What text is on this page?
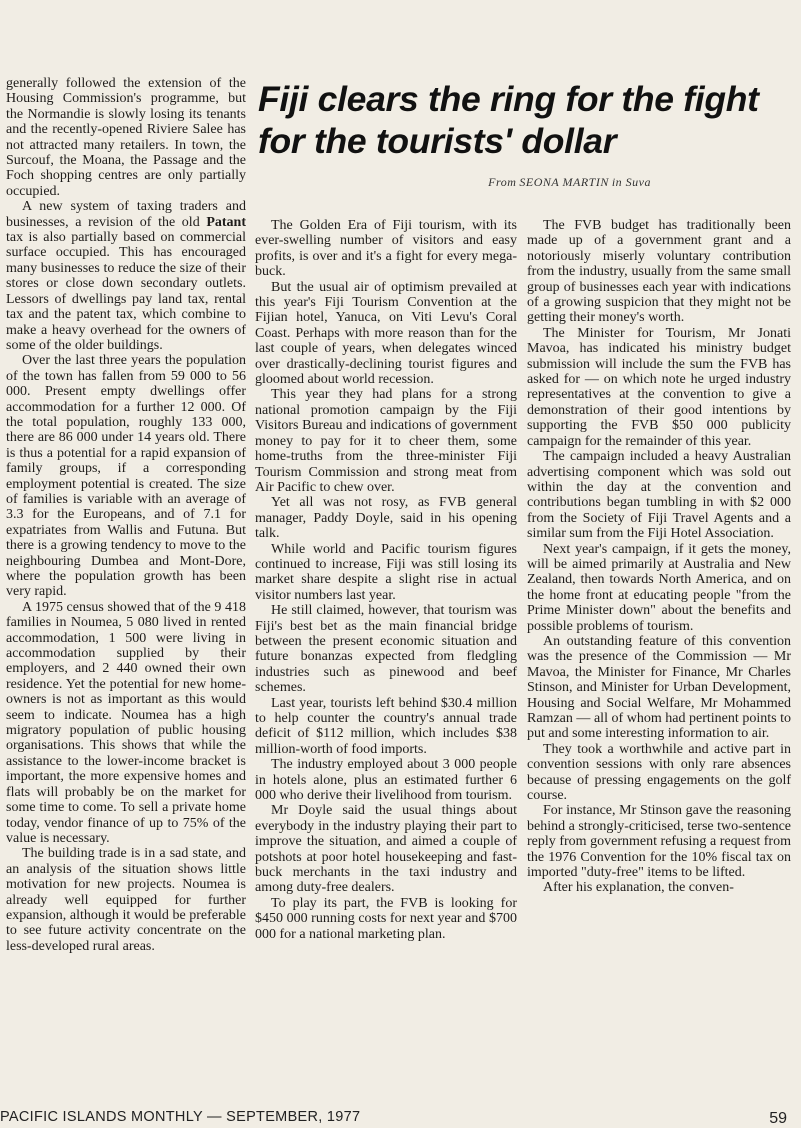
generally followed the extension of the Housing Commission's programme, but the Normandie is slowly losing its tenants and the recently-opened Riviere Salee has not attracted many retailers. In town, the Surcouf, the Moana, the Passage and the Foch shopping centres are only partially occupied.

A new system of taxing traders and businesses, a revision of the old Patant tax is also partially based on commercial surface occupied. This has encouraged many businesses to reduce the size of their stores or close down secondary outlets. Lessors of dwellings pay land tax, rental tax and the patent tax, which combine to make a heavy overhead for the owners of some of the older buildings.

Over the last three years the population of the town has fallen from 59 000 to 56 000. Present empty dwellings offer accommodation for a further 12 000. Of the total population, roughly 133 000, there are 86 000 under 14 years old. There is thus a potential for a rapid expansion of family groups, if a corresponding employment potential is created. The size of families is variable with an average of 3.3 for the Europeans, and of 7.1 for expatriates from Wallis and Futuna. But there is a growing tendency to move to the neighbouring Dumbea and Mont-Dore, where the population growth has been very rapid.

A 1975 census showed that of the 9 418 families in Noumea, 5 080 lived in rented accommodation, 1 500 were living in accommodation supplied by their employers, and 2 440 owned their own residence. Yet the potential for new home-owners is not as important as this would seem to indicate. Noumea has a high migratory population of public housing organisations. This shows that while the assistance to the lower-income bracket is important, the more expensive homes and flats will probably be on the market for some time to come. To sell a private home today, vendor finance of up to 75% of the value is necessary.

The building trade is in a sad state, and an analysis of the situation shows little motivation for new projects. Noumea is already well equipped for further expansion, although it would be preferable to see future activity concentrate on the less-developed rural areas.

Fiji clears the ring for the fight for the tourists' dollar
From SEONA MARTIN in Suva

The Golden Era of Fiji tourism, with its ever-swelling number of visitors and easy profits, is over and it's a fight for every mega-buck.

But the usual air of optimism prevailed at this year's Fiji Tourism Convention at the Fijian hotel, Yanuca, on Viti Levu's Coral Coast. Perhaps with more reason than for the last couple of years, when delegates winced over drastically-declining tourist figures and gloomed about world recession.

This year they had plans for a strong national promotion campaign by the Fiji Visitors Bureau and indications of government money to pay for it to cheer them, some home-truths from the three-minister Fiji Tourism Commission and strong meat from Air Pacific to chew over.

Yet all was not rosy, as FVB general manager, Paddy Doyle, said in his opening talk.

While world and Pacific tourism figures continued to increase, Fiji was still losing its market share despite a slight rise in actual visitor numbers last year.

He still claimed, however, that tourism was Fiji's best bet as the main financial bridge between the present economic situation and future bonanzas expected from fledgling industries such as pinewood and beef schemes.

Last year, tourists left behind $30.4 million to help counter the country's annual trade deficit of $112 million, which includes $38 million-worth of food imports.

The industry employed about 3 000 people in hotels alone, plus an estimated further 6 000 who derive their livelihood from tourism.

Mr Doyle said the usual things about everybody in the industry playing their part to improve the situation, and aimed a couple of potshots at poor hotel housekeeping and fast-buck merchants in the taxi industry and among duty-free dealers.

To play its part, the FVB is looking for $450 000 running costs for next year and $700 000 for a national marketing plan.

The FVB budget has traditionally been made up of a government grant and a notoriously miserly voluntary contribution from the industry, usually from the same small group of businesses each year with indications of a growing suspicion that they might not be getting their money's worth.

The Minister for Tourism, Mr Jonati Mavoa, has indicated his ministry budget submission will include the sum the FVB has asked for — on which note he urged industry representatives at the convention to give a demonstration of their good intentions by supporting the FVB $50 000 publicity campaign for the remainder of this year.

The campaign included a heavy Australian advertising component which was sold out within the day at the convention and contributions began tumbling in with $2 000 from the Society of Fiji Travel Agents and a similar sum from the Fiji Hotel Association.

Next year's campaign, if it gets the money, will be aimed primarily at Australia and New Zealand, then towards North America, and on the home front at educating people "from the Prime Minister down" about the benefits and possible problems of tourism.

An outstanding feature of this convention was the presence of the Commission — Mr Mavoa, the Minister for Finance, Mr Charles Stinson, and Minister for Urban Development, Housing and Social Welfare, Mr Mohammed Ramzan — all of whom had pertinent points to put and some interesting information to air.

They took a worthwhile and active part in convention sessions with only rare absences because of pressing engagements on the golf course.

For instance, Mr Stinson gave the reasoning behind a strongly-criticised, terse two-sentence reply from government refusing a request from the 1976 Convention for the 10% fiscal tax on imported "duty-free" items to be lifted.

After his explanation, the conven-

PACIFIC ISLANDS MONTHLY — SEPTEMBER, 1977	59
